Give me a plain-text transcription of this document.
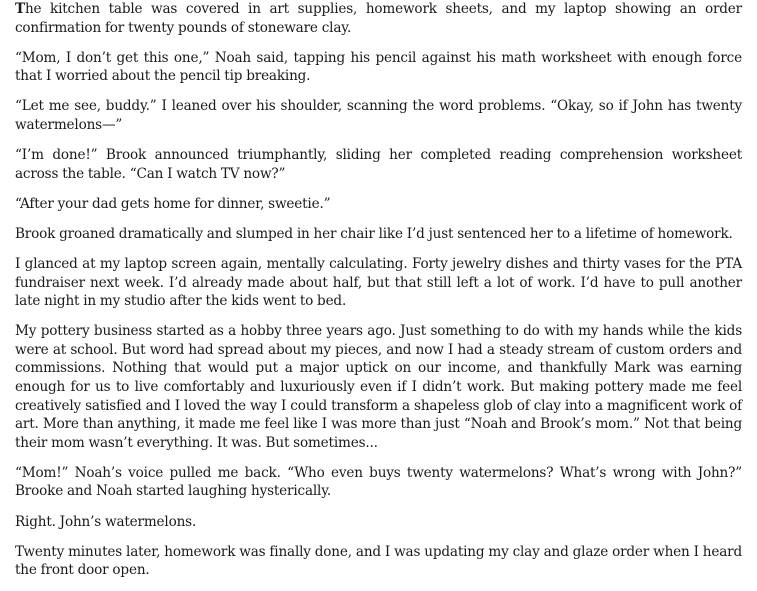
The kitchen table was covered in art supplies, homework sheets, and my laptop showing an order confirmation for twenty pounds of stoneware clay.

“Mom, I don’t get this one,” Noah said, tapping his pencil against his math worksheet with enough force that I worried about the pencil tip breaking.

“Let me see, buddy.” I leaned over his shoulder, scanning the word problems. “Okay, so if John has twenty watermelons—”

“I’m done!” Brook announced triumphantly, sliding her completed reading comprehension worksheet across the table. “Can I watch TV now?”

“After your dad gets home for dinner, sweetie.”

Brook groaned dramatically and slumped in her chair like I’d just sentenced her to a lifetime of homework.

I glanced at my laptop screen again, mentally calculating. Forty jewelry dishes and thirty vases for the PTA fundraiser next week. I’d already made about half, but that still left a lot of work. I’d have to pull another late night in my studio after the kids went to bed.

My pottery business started as a hobby three years ago. Just something to do with my hands while the kids were at school. But word had spread about my pieces, and now I had a steady stream of custom orders and commissions. Nothing that would put a major uptick on our income, and thankfully Mark was earning enough for us to live comfortably and luxuriously even if I didn’t work. But making pottery made me feel creatively satisfied and I loved the way I could transform a shapeless glob of clay into a magnificent work of art. More than anything, it made me feel like I was more than just “Noah and Brook’s mom.” Not that being their mom wasn’t everything. It was. But sometimes...

“Mom!” Noah’s voice pulled me back. “Who even buys twenty watermelons? What’s wrong with John?” Brooke and Noah started laughing hysterically.

Right. John’s watermelons.

Twenty minutes later, homework was finally done, and I was updating my clay and glaze order when I heard the front door open.
